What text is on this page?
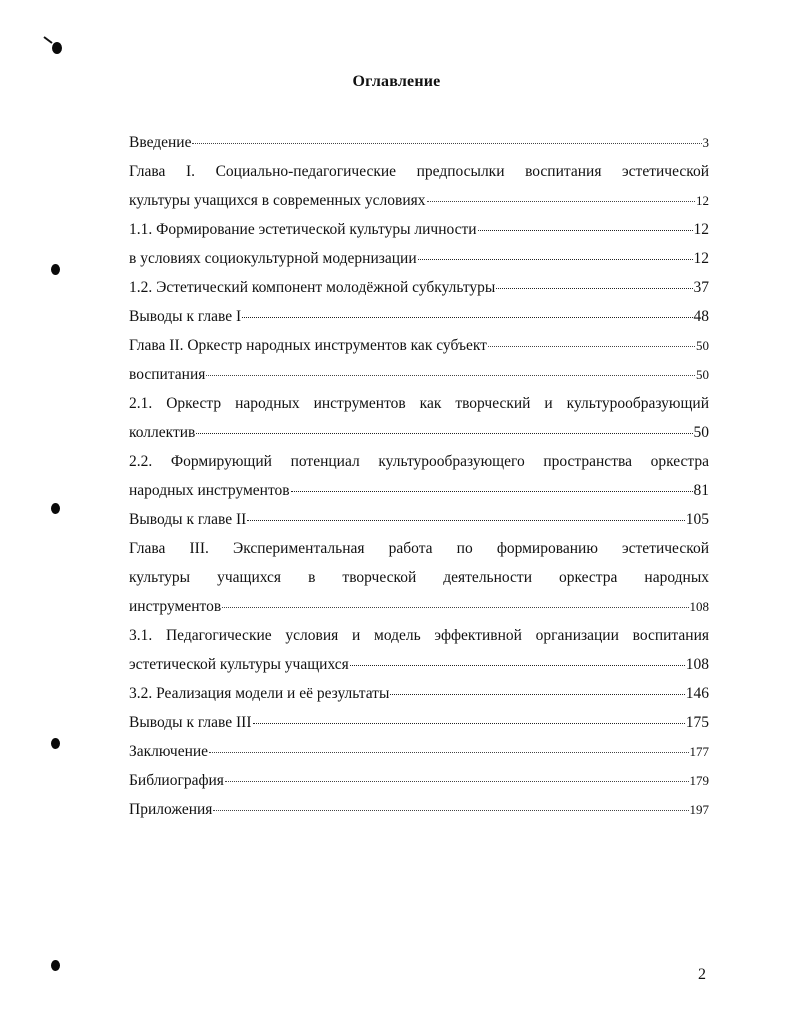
Оглавление
Введение	3
Глава I. Социально-педагогические предпосылки воспитания эстетической
культуры учащихся в современных условиях	12
1.1. Формирование эстетической культуры личности	12
в условиях социокультурной модернизации	12
1.2. Эстетический компонент молодёжной субкультуры	37
Выводы к главе I	48
Глава II. Оркестр народных инструментов как субъект	50
воспитания	50
2.1. Оркестр народных инструментов как творческий и культурообразующий
коллектив	50
2.2. Формирующий потенциал культурообразующего пространства оркестра
народных инструментов	81
Выводы к главе II	105
Глава III. Экспериментальная работа по формированию эстетической
культуры учащихся в творческой деятельности оркестра народных
инструментов	108
3.1. Педагогические условия и модель эффективной организации воспитания
эстетической культуры учащихся	108
3.2. Реализация модели и её результаты	146
Выводы к главе III	175
Заключение	177
Библиография	179
Приложения	197
2
